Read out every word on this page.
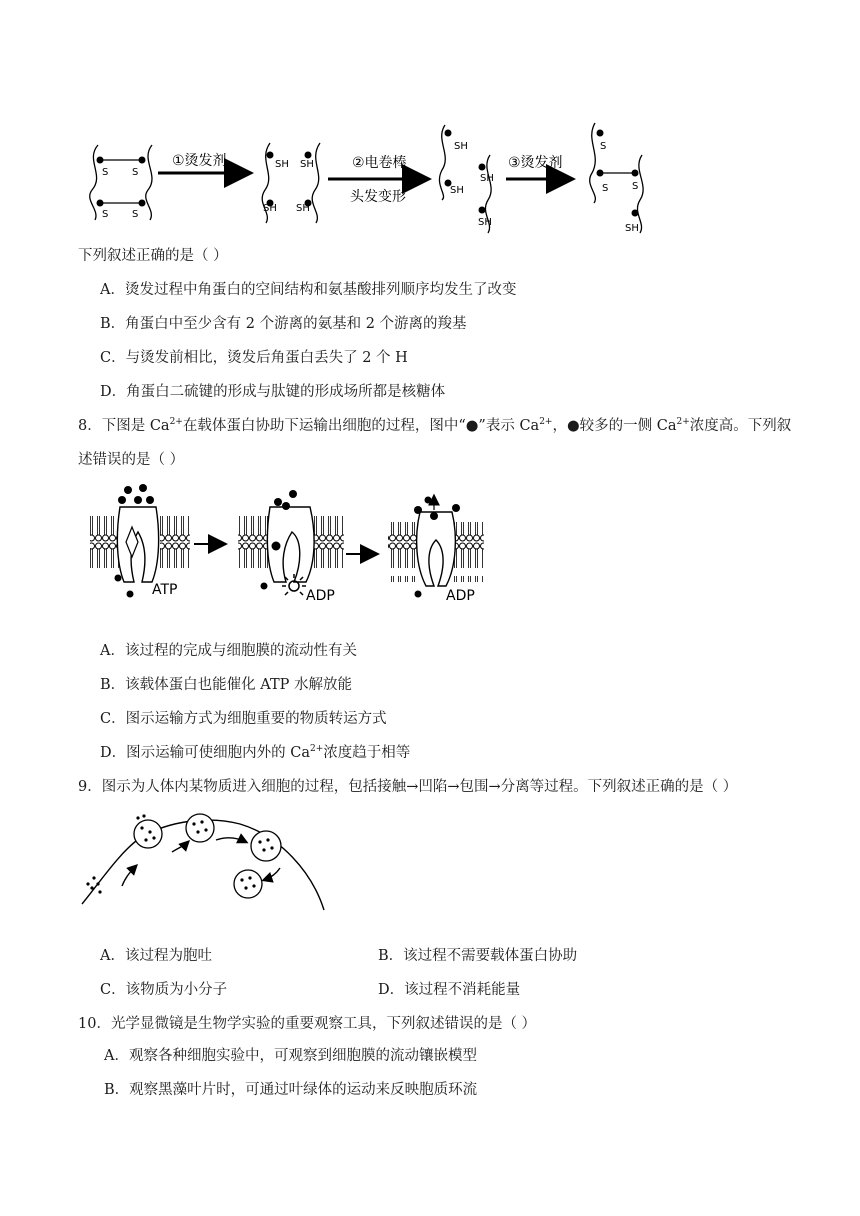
S S
S S
SH SH
SH SH
SH
SH
SH
SH
S
S
S
SH
①烫发剂	②电卷棒
头发变形
③烫发剂
下列叙述正确的是（ ）
A．烫发过程中角蛋白的空间结构和氨基酸排列顺序均发生了改变
B．角蛋白中至少含有 2 个游离的氨基和 2 个游离的羧基
C．与烫发前相比，烫发后角蛋白丢失了 2 个 H
D．角蛋白二硫键的形成与肽键的形成场所都是核糖体
8．下图是 $Ca^{2+}$在载体蛋白协助下运输出细胞的过程，图中“●”表示 $Ca^{2+}$，●较多的一侧 $Ca^{2+}$浓度高。下列叙
述错误的是（ ）
ATP	ADP	ADP
A．该过程的完成与细胞膜的流动性有关
B．该载体蛋白也能催化 ATP 水解放能
C．图示运输方式为细胞重要的物质转运方式
D．图示运输可使细胞内外的 $Ca^{2+}$浓度趋于相等
9．图示为人体内某物质进入细胞的过程，包括接触→凹陷→包围→分离等过程。下列叙述正确的是（ ）
A．该过程为胞吐	B．该过程不需要载体蛋白协助
C．该物质为小分子	D．该过程不消耗能量
10．光学显微镜是生物学实验的重要观察工具，下列叙述错误的是（ ）
A．观察各种细胞实验中，可观察到细胞膜的流动镶嵌模型
B．观察黑藻叶片时，可通过叶绿体的运动来反映胞质环流
